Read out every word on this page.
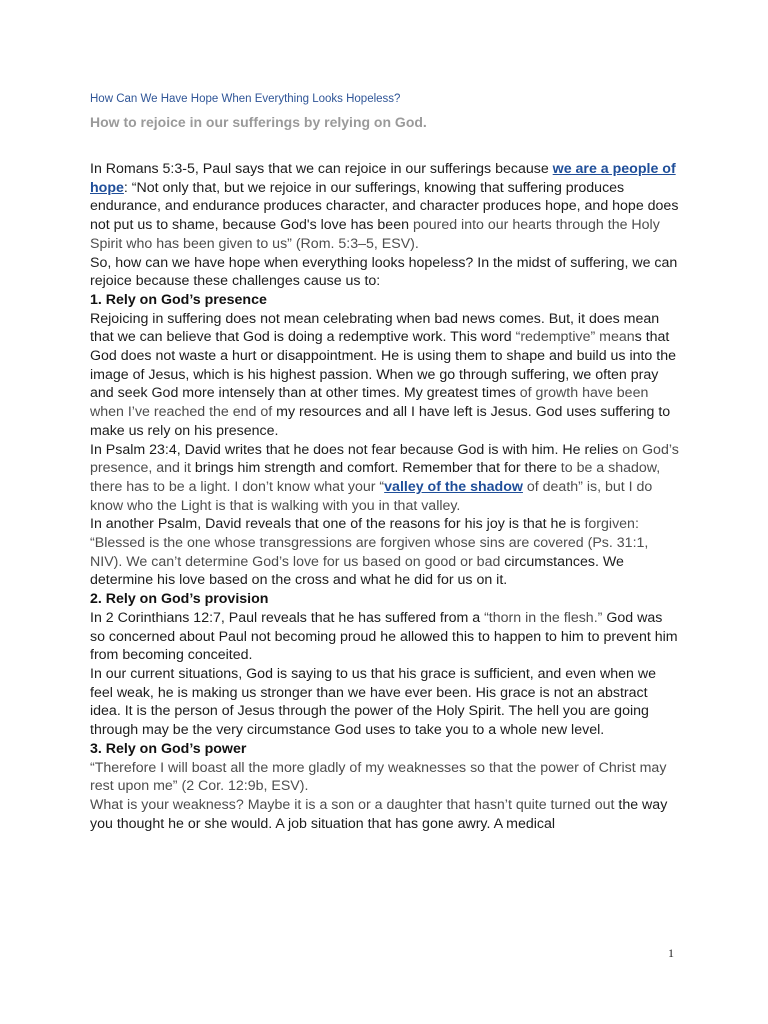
How Can We Have Hope When Everything Looks Hopeless?
How to rejoice in our sufferings by relying on God.

In Romans 5:3-5, Paul says that we can rejoice in our sufferings because we are a people of hope: “Not only that, but we rejoice in our sufferings, knowing that suffering produces endurance, and endurance produces character, and character produces hope, and hope does not put us to shame, because God's love has been poured into our hearts through the Holy Spirit who has been given to us” (Rom. 5:3–5, ESV).

So, how can we have hope when everything looks hopeless? In the midst of suffering, we can rejoice because these challenges cause us to:

1. Rely on God’s presence

Rejoicing in suffering does not mean celebrating when bad news comes. But, it does mean that we can believe that God is doing a redemptive work. This word “redemptive” means that God does not waste a hurt or disappointment. He is using them to shape and build us into the image of Jesus, which is his highest passion. When we go through suffering, we often pray and seek God more intensely than at other times. My greatest times of growth have been when I’ve reached the end of my resources and all I have left is Jesus. God uses suffering to make us rely on his presence.

In Psalm 23:4, David writes that he does not fear because God is with him. He relies on God’s presence, and it brings him strength and comfort. Remember that for there to be a shadow, there has to be a light. I don’t know what your “valley of the shadow of death” is, but I do know who the Light is that is walking with you in that valley.

In another Psalm, David reveals that one of the reasons for his joy is that he is forgiven: “Blessed is the one whose transgressions are forgiven whose sins are covered (Ps. 31:1, NIV). We can’t determine God’s love for us based on good or bad circumstances. We determine his love based on the cross and what he did for us on it.

2. Rely on God’s provision

In 2 Corinthians 12:7, Paul reveals that he has suffered from a “thorn in the flesh.” God was so concerned about Paul not becoming proud he allowed this to happen to him to prevent him from becoming conceited.

In our current situations, God is saying to us that his grace is sufficient, and even when we feel weak, he is making us stronger than we have ever been. His grace is not an abstract idea. It is the person of Jesus through the power of the Holy Spirit. The hell you are going through may be the very circumstance God uses to take you to a whole new level.

3. Rely on God’s power

“Therefore I will boast all the more gladly of my weaknesses so that the power of Christ may rest upon me” (2 Cor. 12:9b, ESV).

What is your weakness? Maybe it is a son or a daughter that hasn’t quite turned out the way you thought he or she would. A job situation that has gone awry. A medical

1
